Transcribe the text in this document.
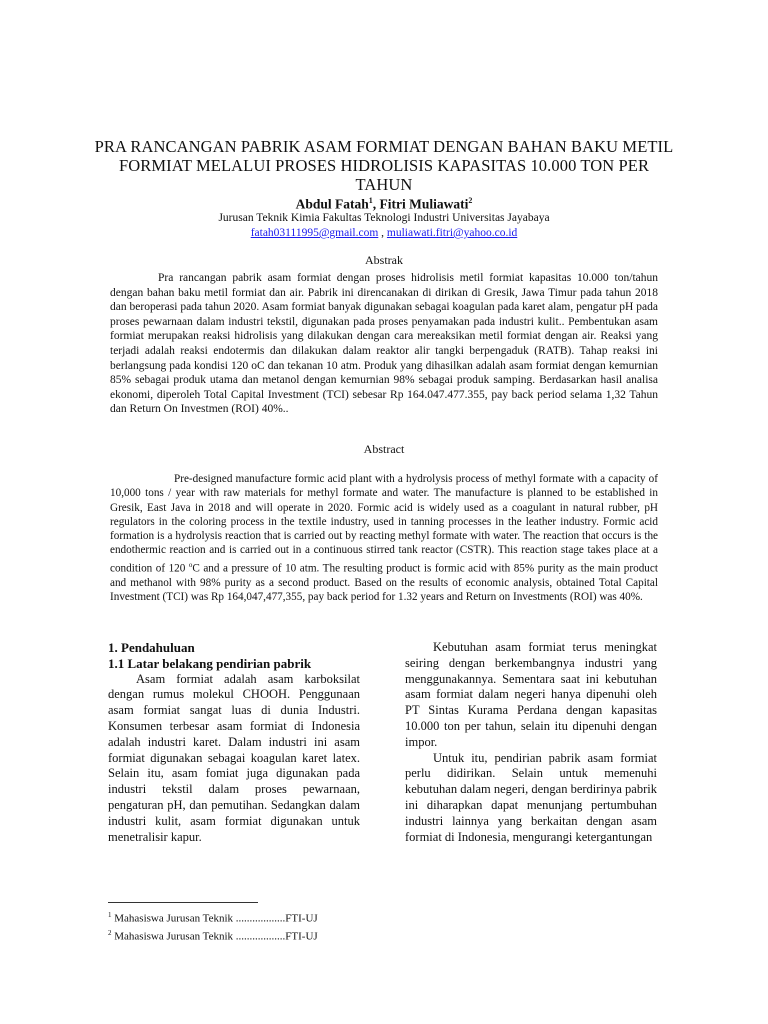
PRA RANCANGAN PABRIK ASAM FORMIAT DENGAN BAHAN BAKU METIL FORMIAT MELALUI PROSES HIDROLISIS KAPASITAS 10.000 TON PER TAHUN
Abdul Fatah$^1$, Fitri Muliawati$^2$
Jurusan Teknik Kimia Fakultas Teknologi Industri Universitas Jayabaya
fatah03111995@gmail.com , muliawati.fitri@yahoo.co.id
Abstrak

Pra rancangan pabrik asam formiat dengan proses hidrolisis metil formiat kapasitas 10.000 ton/tahun dengan bahan baku metil formiat dan air. Pabrik ini direncanakan di dirikan di Gresik, Jawa Timur pada tahun 2018 dan beroperasi pada tahun 2020. Asam formiat banyak digunakan sebagai koagulan pada karet alam, pengatur pH pada proses pewarnaan dalam industri tekstil, digunakan pada proses penyamakan pada industri kulit.. Pembentukan asam formiat merupakan reaksi hidrolisis yang dilakukan dengan cara mereaksikan metil formiat dengan air. Reaksi yang terjadi adalah reaksi endotermis dan dilakukan dalam reaktor alir tangki berpengaduk (RATB). Tahap reaksi ini berlangsung pada kondisi 120 oC dan tekanan 10 atm. Produk yang dihasilkan adalah asam formiat dengan kemurnian 85% sebagai produk utama dan metanol dengan kemurnian 98% sebagai produk samping. Berdasarkan hasil analisa ekonomi, diperoleh Total Capital Investment (TCI) sebesar Rp 164.047.477.355, pay back period selama 1,32 Tahun dan Return On Investmen (ROI) 40%..

Abstract

Pre-designed manufacture formic acid plant with a hydrolysis process of methyl formate with a capacity of 10,000 tons / year with raw materials for methyl formate and water. The manufacture is planned to be established in Gresik, East Java in 2018 and will operate in 2020. Formic acid is widely used as a coagulant in natural rubber, pH regulators in the coloring process in the textile industry, used in tanning processes in the leather industry. Formic acid formation is a hydrolysis reaction that is carried out by reacting methyl formate with water. The reaction that occurs is the endothermic reaction and is carried out in a continuous stirred tank reactor (CSTR). This reaction stage takes place at a condition of 120 $^o$C and a pressure of 10 atm. The resulting product is formic acid with 85% purity as the main product and methanol with 98% purity as a second product. Based on the results of economic analysis, obtained Total Capital Investment (TCI) was Rp 164,047,477,355, pay back period for 1.32 years and Return on Investments (ROI) was 40%.

1. Pendahuluan

1.1 Latar belakang pendirian pabrik

Asam formiat adalah asam karboksilat dengan rumus molekul CHOOH. Penggunaan asam formiat sangat luas di dunia Industri. Konsumen terbesar asam formiat di Indonesia adalah industri karet. Dalam industri ini asam formiat digunakan sebagai koagulan karet latex. Selain itu, asam fomiat juga digunakan pada industri tekstil dalam proses pewarnaan, pengaturan pH, dan pemutihan. Sedangkan dalam industri kulit, asam formiat digunakan untuk menetralisir kapur.

Kebutuhan asam formiat terus meningkat seiring dengan berkembangnya industri yang menggunakannya. Sementara saat ini kebutuhan asam formiat dalam negeri hanya dipenuhi oleh PT Sintas Kurama Perdana dengan kapasitas 10.000 ton per tahun, selain itu dipenuhi dengan impor.

Untuk itu, pendirian pabrik asam formiat perlu didirikan. Selain untuk memenuhi kebutuhan dalam negeri, dengan berdirinya pabrik ini diharapkan dapat menunjang pertumbuhan industri lainnya yang berkaitan dengan asam formiat di Indonesia, mengurangi ketergantungan

$^1$ Mahasiswa Jurusan Teknik ..................FTI-UJ
$^2$ Mahasiswa Jurusan Teknik ..................FTI-UJ
